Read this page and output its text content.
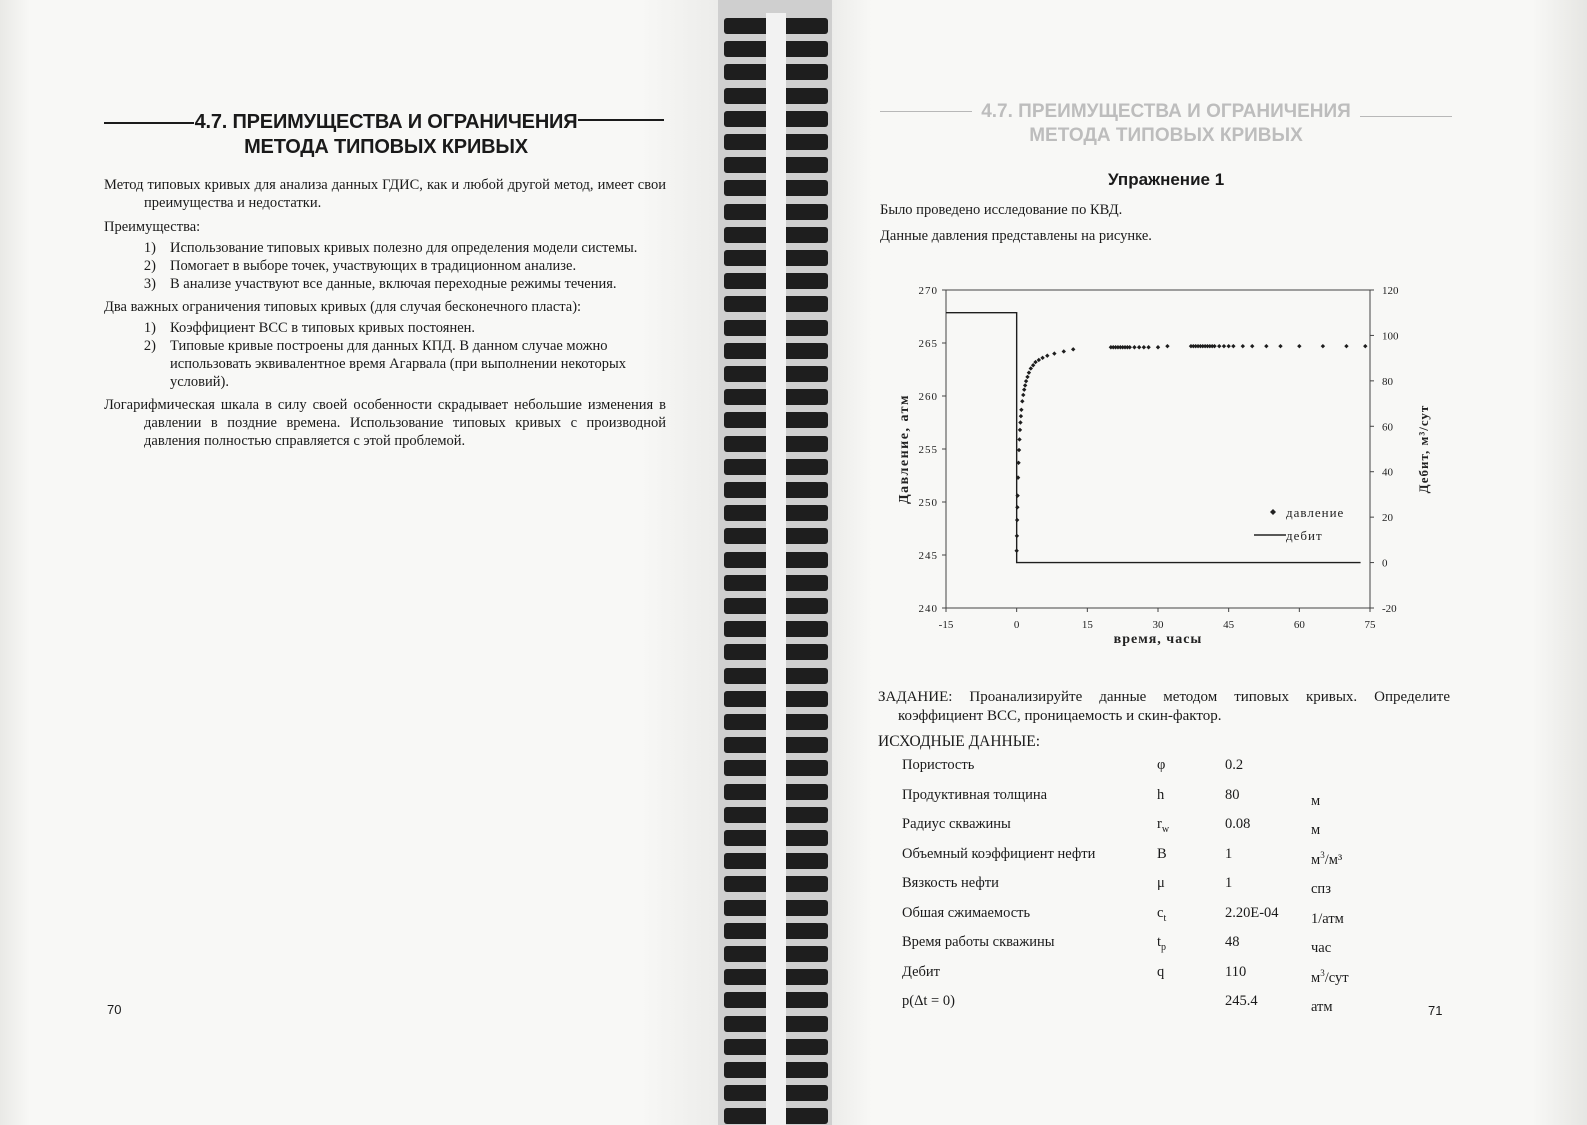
4.7. ПРЕИМУЩЕСТВА И ОГРАНИЧЕНИЯ
МЕТОДА ТИПОВЫХ КРИВЫХ

Метод типовых кривых для анализа данных ГДИС, как и любой другой метод, имеет свои преимущества и недостатки.

Преимущества:

1) Использование типовых кривых полезно для определения модели системы.
2) Помогает в выборе точек, участвующих в традиционном анализе.
3) В анализе участвуют все данные, включая переходные режимы течения.

Два важных ограничения типовых кривых (для случая бесконечного пласта):

1) Коэффициент ВСС в типовых кривых постоянен.
2) Типовые кривые построены для данных КПД. В данном случае можно использовать эквивалентное время Агарвала (при выполнении некоторых условий).

Логарифмическая шкала в силу своей особенности скрадывает небольшие изменения в давлении в поздние времена. Использование типовых кривых с производной давления полностью справляется с этой проблемой.

70
4.7. ПРЕИМУЩЕСТВА И ОГРАНИЧЕНИЯ
МЕТОДА ТИПОВЫХ КРИВЫХ
Упражнение 1
Было проведено исследование по КВД.
Данные давления представлены на рисунке.
-15	0	15	30	45	60	75
240
245
250
255
260
265
270
-20
0
20
40
60
80
100
120
время, часы
Давление, атм	Дебит, м³/сут
давление
дебит

ЗАДАНИЕ: Проанализируйте данные методом типовых кривых. Определите коэффициент ВСС, проницаемость и скин-фактор.

ИСХОДНЫЕ ДАННЫЕ:

Пористость	φ	0.2	
Продуктивная толщина	h	80	м
Радиус скважины	$r_w$	0.08	м
Объемный коэффициент нефти	B	1	$м^3/м^3$
Вязкость нефти	μ	1	спз
Обшая сжимаемость	$c_t$	2.20E-04	1/атм
Время работы скважины	$t_p$	48	час
Дебит	q	110	$м^3$/сут
p(Δt = 0)		245.4	атм	71
